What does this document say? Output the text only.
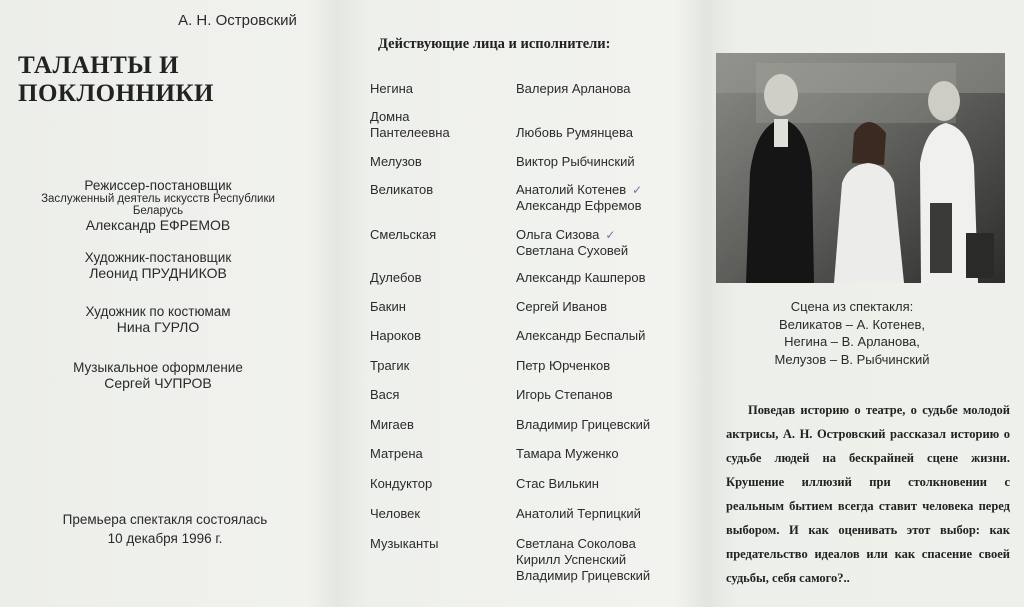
А. Н. Островский
ТАЛАНТЫ И ПОКЛОННИКИ
Режиссер-постановщик
Заслуженный деятель искусств Республики Беларусь
Александр ЕФРЕМОВ
Художник-постановщик
Леонид ПРУДНИКОВ
Художник по костюмам
Нина ГУРЛО
Музыкальное оформление
Сергей ЧУПРОВ
Премьера спектакля состоялась
10 декабря 1996 г.
Действующие лица и исполнители:
Негина	Валерия Арланова
Домна Пантелеевна	Любовь Румянцева
Мелузов	Виктор Рыбчинский
Великатов	Анатолий Котенев ✓
Александр Ефремов
Смельская	Ольга Сизова ✓
Светлана Суховей
Дулебов	Александр Кашперов
Бакин	Сергей Иванов
Нароков	Александр Беспалый
Трагик	Петр Юрченков
Вася	Игорь Степанов
Мигаев	Владимир Грицевский
Матрена	Тамара Муженко
Кондуктор	Стас Вилькин
Человек	Анатолий Терпицкий
Музыканты	Светлана Соколова
Кирилл Успенский
Владимир Грицевский
Сцена из спектакля:
Великатов – А. Котенев,
Негина – В. Арланова,
Мелузов – В. Рыбчинский
Поведав историю о театре, о судьбе молодой актрисы, А. Н. Островский рассказал историю о судьбе людей на бескрайней сцене жизни. Крушение иллюзий при столкновении с реальным бытием всегда ставит человека перед выбором. И как оценивать этот выбор: как предательство идеалов или как спасение своей судьбы, себя самого?..
